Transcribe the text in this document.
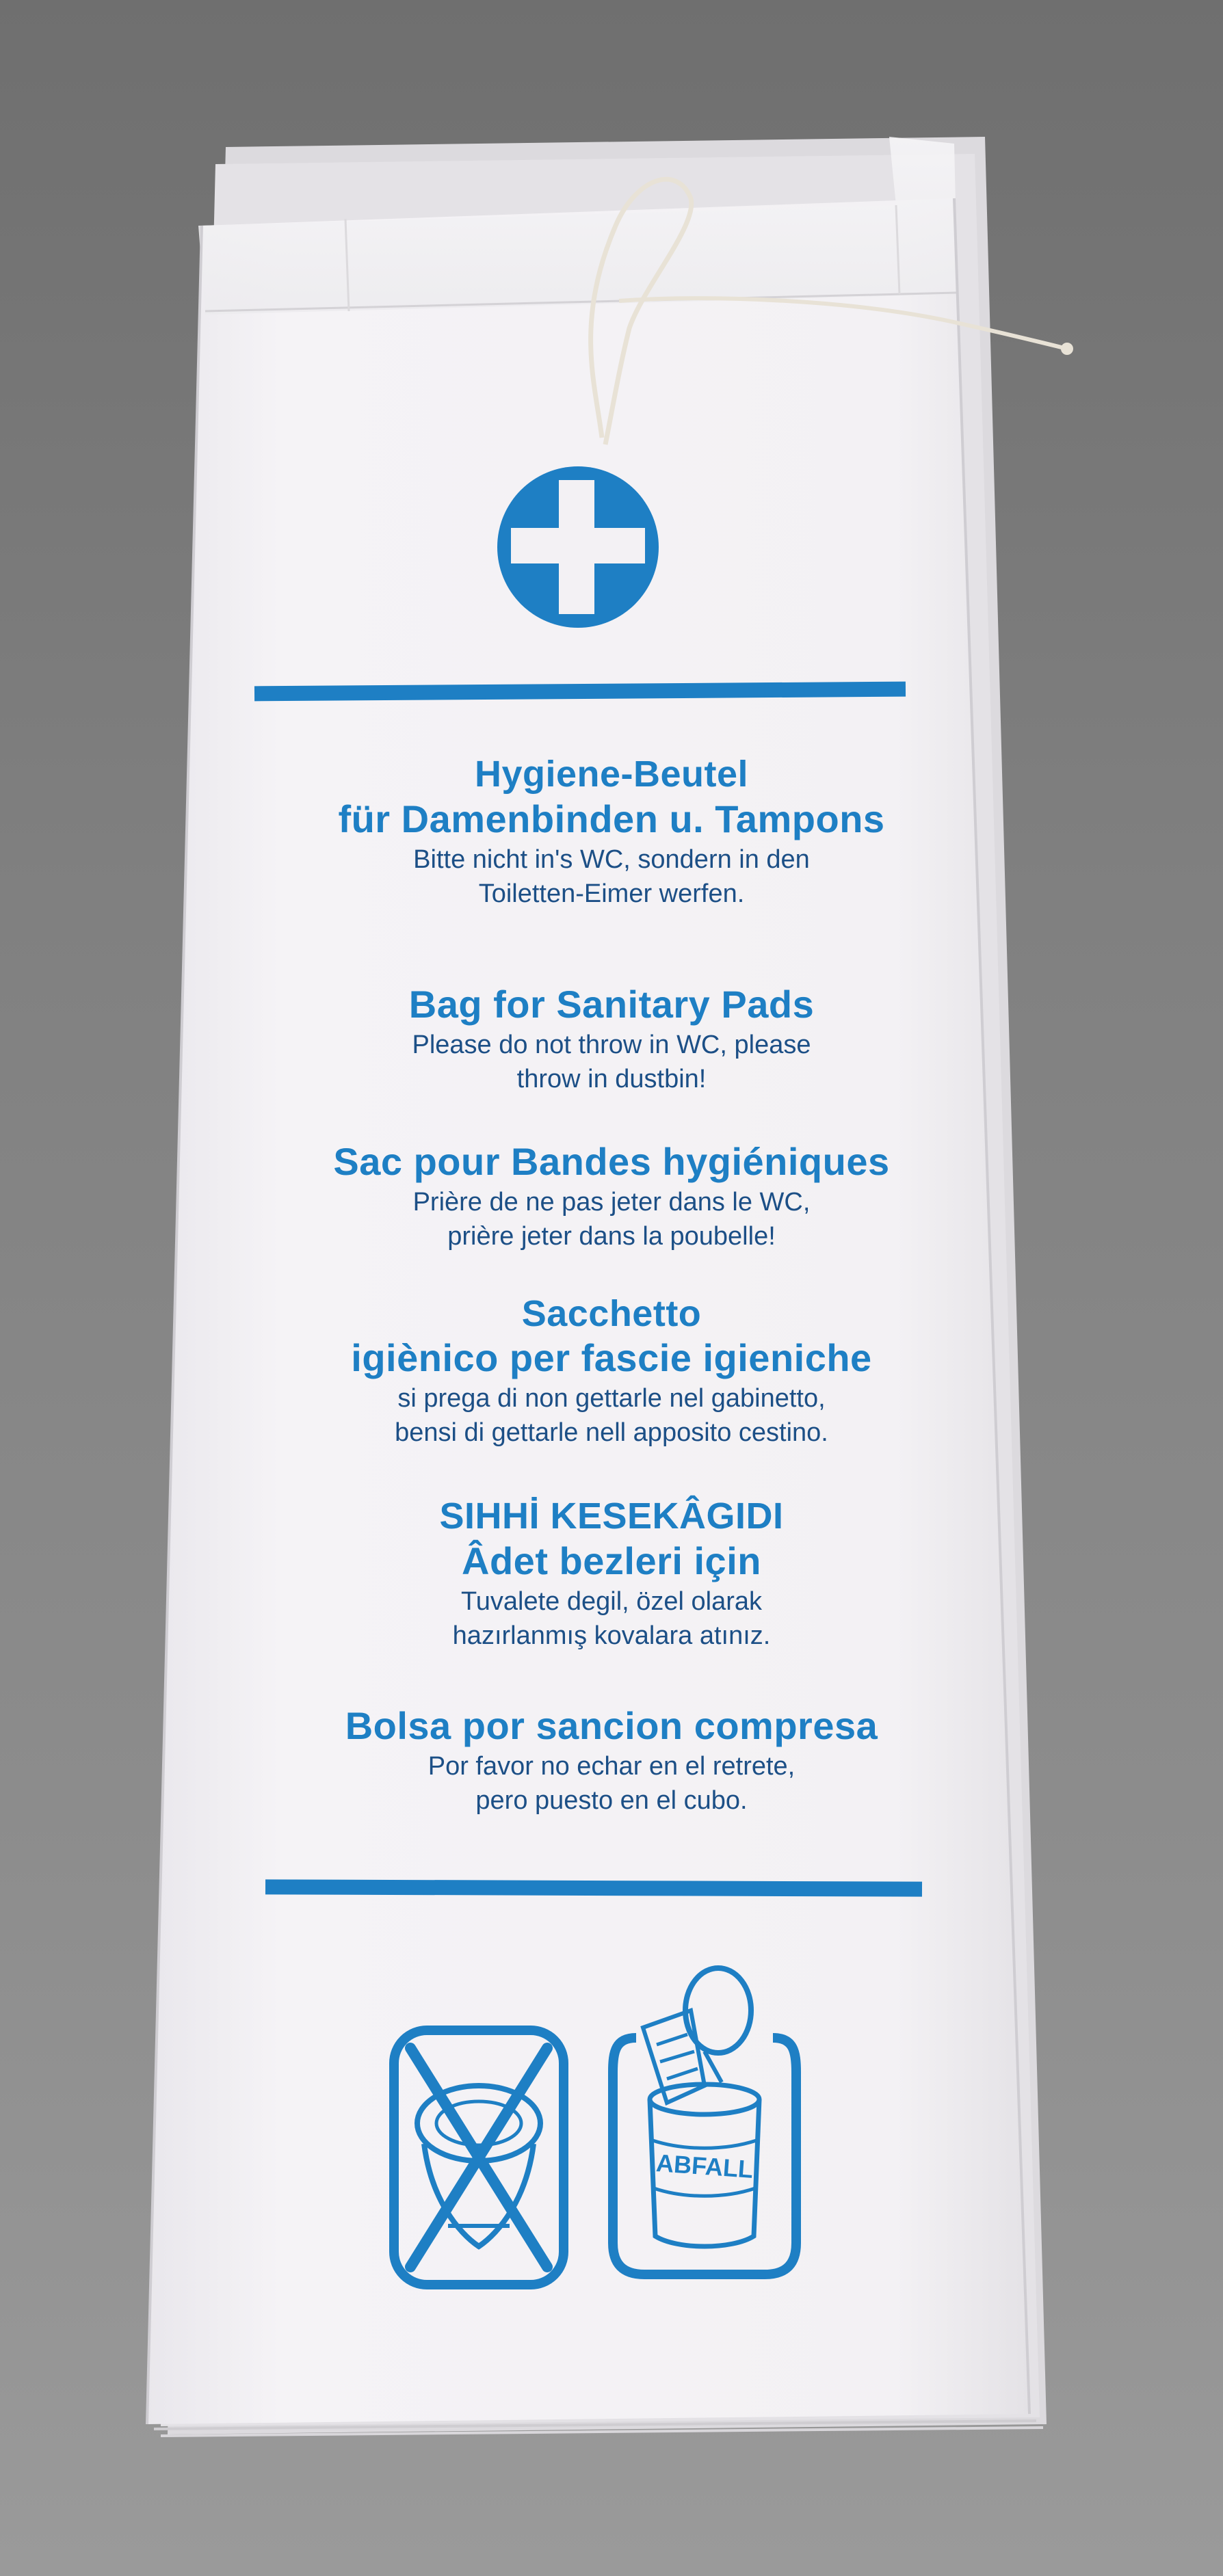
Hygiene-Beutel
für Damenbinden u. Tampons
Bitte nicht in's WC, sondern in den
Toiletten-Eimer werfen.
Bag for Sanitary Pads
Please do not throw in WC, please
throw in dustbin!
Sac pour Bandes hygiéniques
Prière de ne pas jeter dans le WC,
prière jeter dans la poubelle!
Sacchetto
igiènico per fascie igieniche
si prega di non gettarle nel gabinetto,
bensi di gettarle nell apposito cestino.
SIHHİ KESEKÂGIDI
Âdet bezleri için
Tuvalete degil, özel olarak
hazırlanmış kovalara atınız.
Bolsa por sancion compresa
Por favor no echar en el retrete,
pero puesto en el cubo.
ABFALL
